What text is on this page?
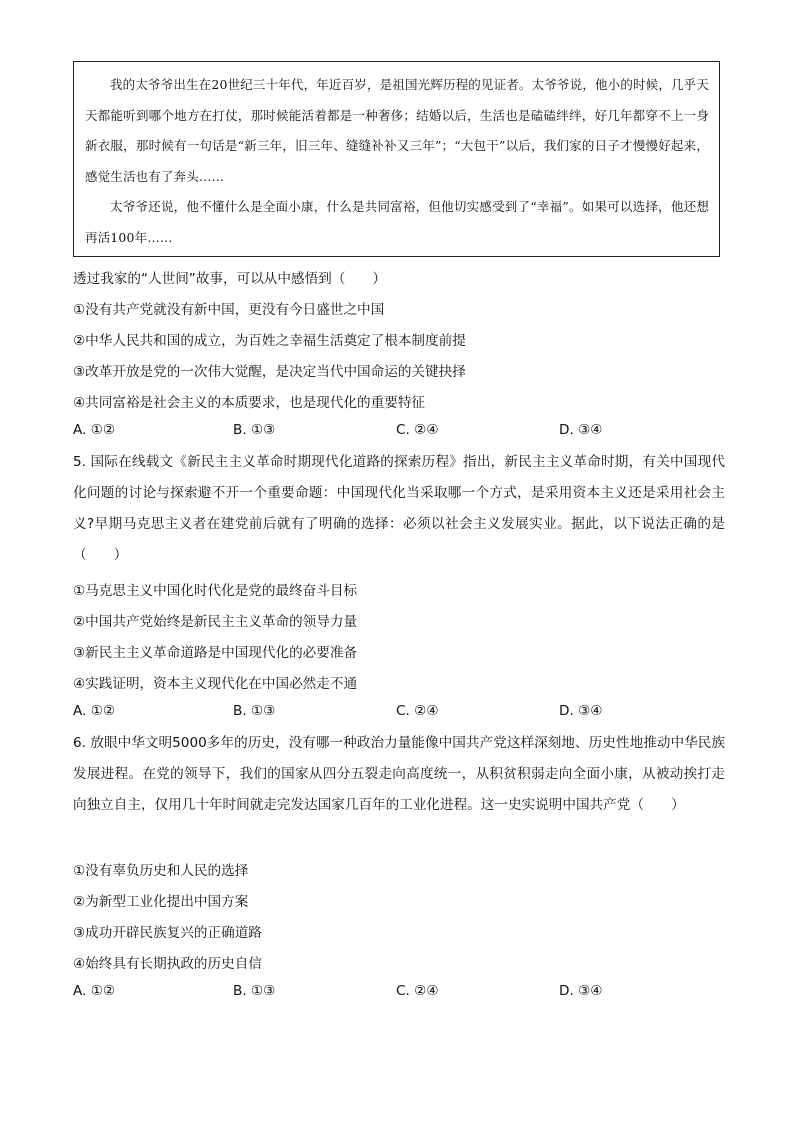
我的太爷爷出生在20世纪三十年代，年近百岁，是祖国光辉历程的见证者。太爷爷说，他小的时候，几乎天天都能听到哪个地方在打仗，那时候能活着都是一种奢侈；结婚以后，生活也是磕磕绊绊，好几年都穿不上一身新衣服，那时候有一句话是“新三年，旧三年、缝缝补补又三年”；“大包干”以后，我们家的日子才慢慢好起来，感觉生活也有了奔头……

太爷爷还说，他不懂什么是全面小康，什么是共同富裕，但他切实感受到了“幸福”。如果可以选择，他还想再活100年……

透过我家的“人世间”故事，可以从中感悟到（　　）
①没有共产党就没有新中国，更没有今日盛世之中国
②中华人民共和国的成立，为百姓之幸福生活奠定了根本制度前提
③改革开放是党的一次伟大觉醒，是决定当代中国命运的关键抉择
④共同富裕是社会主义的本质要求，也是现代化的重要特征
A. ①②	B. ①③	C. ②④	D. ③④
5. 国际在线载文《新民主主义革命时期现代化道路的探索历程》指出，新民主主义革命时期，有关中国现代化问题的讨论与探索避不开一个重要命题：中国现代化当采取哪一个方式，是采用资本主义还是采用社会主义?早期马克思主义者在建党前后就有了明确的选择：必须以社会主义发展实业。据此，以下说法正确的是（　　）
①马克思主义中国化时代化是党的最终奋斗目标
②中国共产党始终是新民主主义革命的领导力量
③新民主主义革命道路是中国现代化的必要准备
④实践证明，资本主义现代化在中国必然走不通
A. ①②	B. ①③	C. ②④	D. ③④
6. 放眼中华文明5000多年的历史，没有哪一种政治力量能像中国共产党这样深刻地、历史性地推动中华民族发展进程。在党的领导下，我们的国家从四分五裂走向高度统一，从积贫积弱走向全面小康，从被动挨打走向独立自主，仅用几十年时间就走完发达国家几百年的工业化进程。这一史实说明中国共产党（　　）
①没有辜负历史和人民的选择
②为新型工业化提出中国方案
③成功开辟民族复兴的正确道路
④始终具有长期执政的历史自信
A. ①②	B. ①③	C. ②④	D. ③④
